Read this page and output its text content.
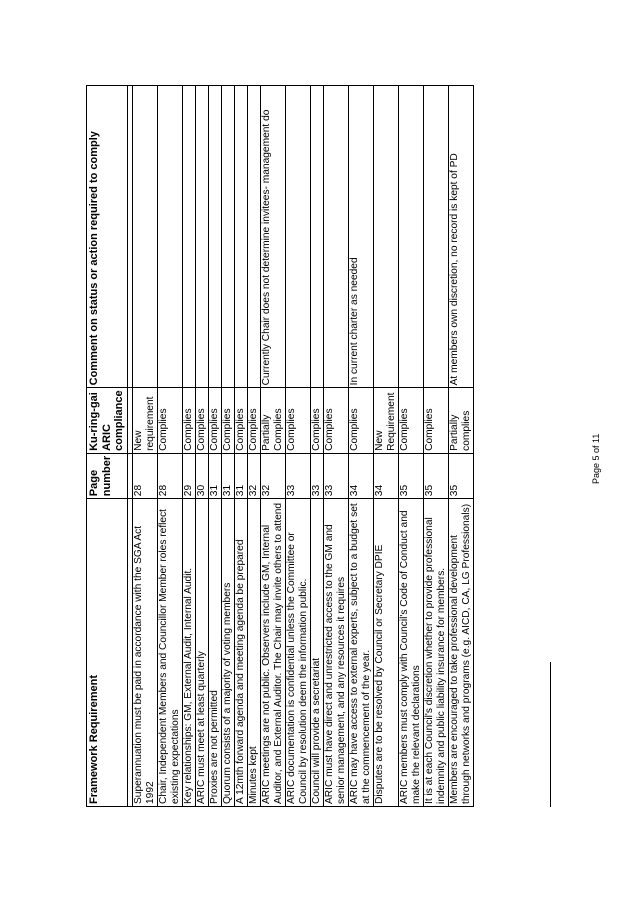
Framework Requirement	Page number	Ku-ring-gai ARIC compliance	Comment on status or action required to comply

Superannuation must be paid in accordance with the SGA Act 1992	28	New requirement	
Chair, Independent Members and Councillor Member roles reflect existing expectations	28	Complies	
Key relationships: GM, External Audit, Internal Audit.	29	Complies	
ARIC must meet at least quarterly	30	Complies	
Proxies are not permitted	31	Complies	
Quorum consists of a majority of voting members	31	Complies	
A 12mth forward agenda and meeting agenda be prepared	31	Complies	
Minutes kept	32	Complies	
ARIC meetings are not public. Observers include GM, Internal Auditor, and External Auditor. The Chair may invite others to attend	32	Partially Complies	Currently Chair does not determine invitees- management do
ARIC documentation is confidential unless the Committee or Council by resolution deem the information public.	33	Complies	
Council will provide a secretariat	33	Complies	
ARIC must have direct and unrestricted access to the GM and senior management, and any resources it requires	33	Complies	
ARIC may have access to external experts, subject to a budget set at the commencement of the year.	34	Complies	In current charter as needed
Disputes are to be resolved by Council or Secretary DPIE	34	New Requirement	
ARIC members must comply with Council's Code of Conduct and make the relevant declarations	35	Complies	
It is at each Council's discretion whether to provide professional indemnity and public liability insurance for members.	35	Complies	
Members are encouraged to take professional development through networks and programs (e.g. AICD, CA, LG Professionals)	35	Partially complies	At members own discretion, no record is kept of PD
Page 5 of 11
